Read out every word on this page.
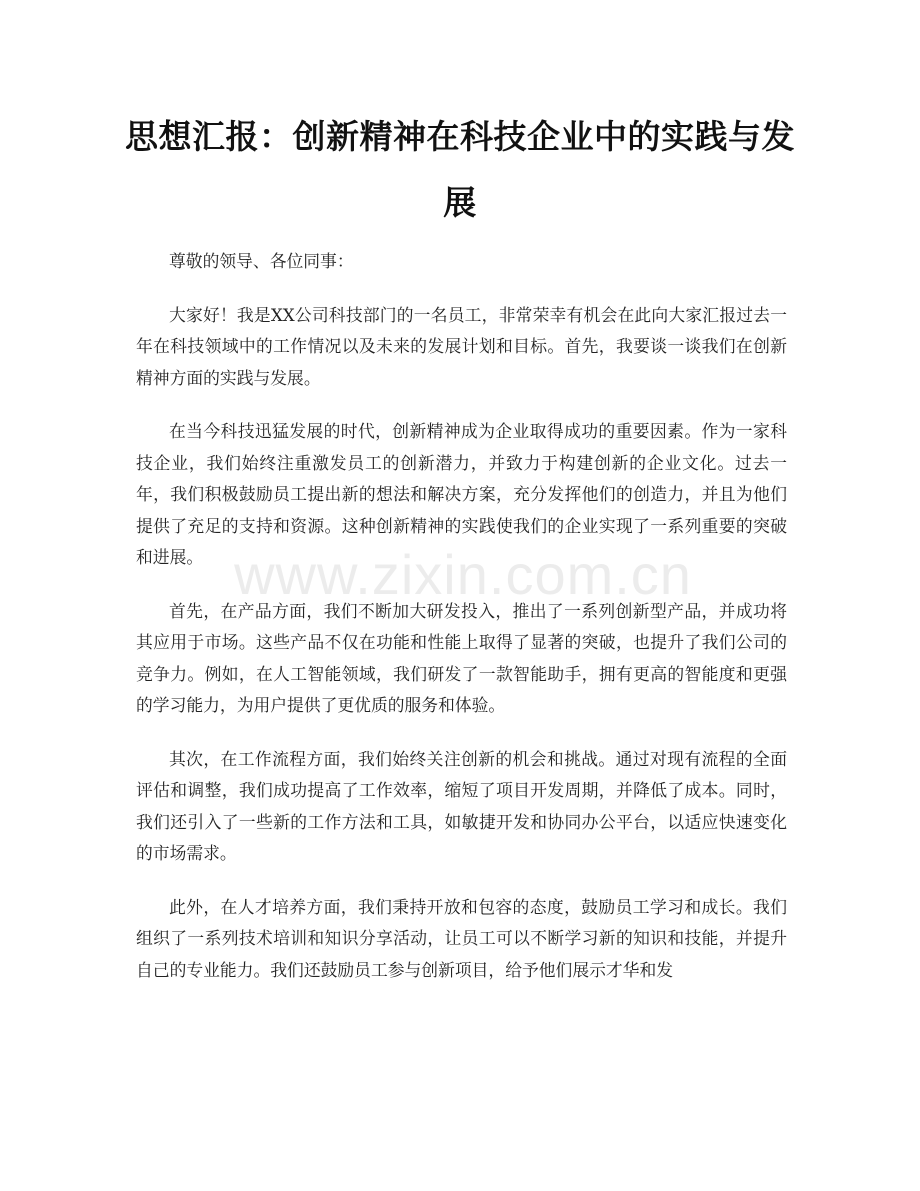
思想汇报：创新精神在科技企业中的实践与发展

尊敬的领导、各位同事：

大家好！我是XX公司科技部门的一名员工，非常荣幸有机会在此向大家汇报过去一年在科技领域中的工作情况以及未来的发展计划和目标。首先，我要谈一谈我们在创新精神方面的实践与发展。

在当今科技迅猛发展的时代，创新精神成为企业取得成功的重要因素。作为一家科技企业，我们始终注重激发员工的创新潜力，并致力于构建创新的企业文化。过去一年，我们积极鼓励员工提出新的想法和解决方案，充分发挥他们的创造力，并且为他们提供了充足的支持和资源。这种创新精神的实践使我们的企业实现了一系列重要的突破和进展。

首先，在产品方面，我们不断加大研发投入，推出了一系列创新型产品，并成功将其应用于市场。这些产品不仅在功能和性能上取得了显著的突破，也提升了我们公司的竞争力。例如，在人工智能领域，我们研发了一款智能助手，拥有更高的智能度和更强的学习能力，为用户提供了更优质的服务和体验。

其次，在工作流程方面，我们始终关注创新的机会和挑战。通过对现有流程的全面评估和调整，我们成功提高了工作效率，缩短了项目开发周期，并降低了成本。同时，我们还引入了一些新的工作方法和工具，如敏捷开发和协同办公平台，以适应快速变化的市场需求。

此外，在人才培养方面，我们秉持开放和包容的态度，鼓励员工学习和成长。我们组织了一系列技术培训和知识分享活动，让员工可以不断学习新的知识和技能，并提升自己的专业能力。我们还鼓励员工参与创新项目，给予他们展示才华和发

www.zixin.com.cn
